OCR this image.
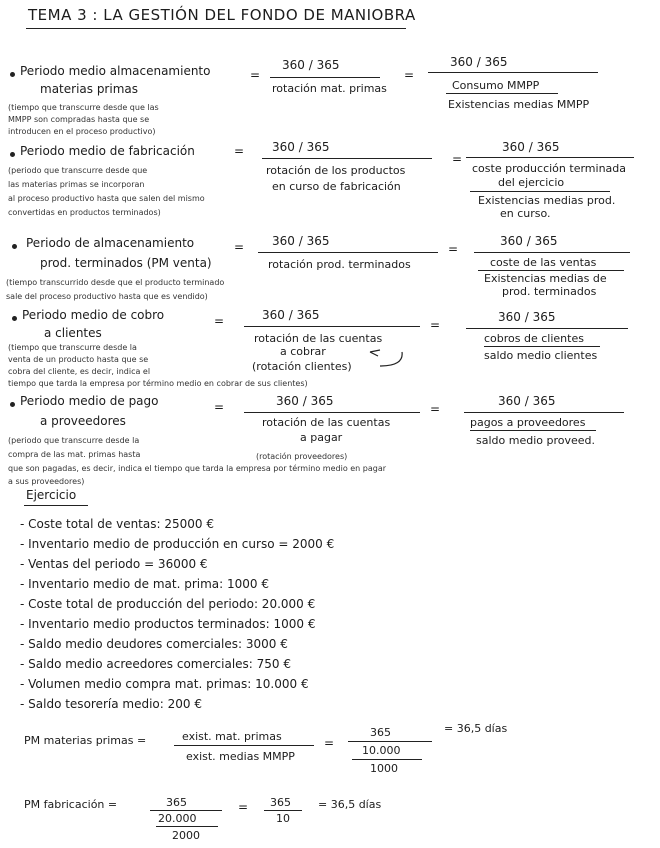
TEMA 3 : LA GESTIÓN DEL FONDO DE MANIOBRA
Periodo medio almacenamiento
materias primas
=
360 / 365
rotación mat. primas
=
360 / 365
Consumo MMPP
Existencias medias MMPP
(tiempo que transcurre desde que las
MMPP son compradas hasta que se
introducen en el proceso productivo)
Periodo medio de fabricación	= 360 / 365
rotación de los productos
en curso de fabricación
=
360 / 365
coste producción terminada
del ejercicio
Existencias medias prod.
en curso.
(periodo que transcurre desde que
las materias primas se incorporan
al proceso productivo hasta que salen del mismo
convertidas en productos terminados)
Periodo de almacenamiento
prod. terminados (PM venta)
= 360 / 365
rotación prod. terminados
=
360 / 365
coste de las ventas
Existencias medias de
prod. terminados
(tiempo transcurrido desde que el producto terminado
sale del proceso productivo hasta que es vendido)
Periodo medio de cobro
a clientes
=	360 / 365
rotación de las cuentas
a cobrar
(rotación clientes)
=
360 / 365
cobros de clientes
saldo medio clientes
(tiempo que transcurre desde la
venta de un producto hasta que se
cobra del cliente, es decir, indica el
tiempo que tarda la empresa por término medio en cobrar de sus clientes)
Periodo medio de pago
a proveedores
=	360 / 365
rotación de las cuentas
a pagar
(rotación proveedores)
=
360 / 365
pagos a proveedores
saldo medio proveed.
(periodo que transcurre desde la
compra de las mat. primas hasta
que son pagadas, es decir, indica el tiempo que tarda la empresa por término medio en pagar
a sus proveedores)
Ejercicio
- Coste total de ventas: 25000 €
- Inventario medio de producción en curso = 2000 €
- Ventas del periodo = 36000 €
- Inventario medio de mat. prima: 1000 €
- Coste total de producción del periodo: 20.000 €
- Inventario medio productos terminados: 1000 €
- Saldo medio deudores comerciales: 3000 €
- Saldo medio acreedores comerciales: 750 €
- Volumen medio compra mat. primas: 10.000 €
- Saldo tesorería medio: 200 €
PM materias primas =	exist. mat. primas
exist. medias MMPP
=
365
10.000
1000
= 36,5 días
PM fabricación =	365
20.000
2000
= 365
10
= 36,5 días
